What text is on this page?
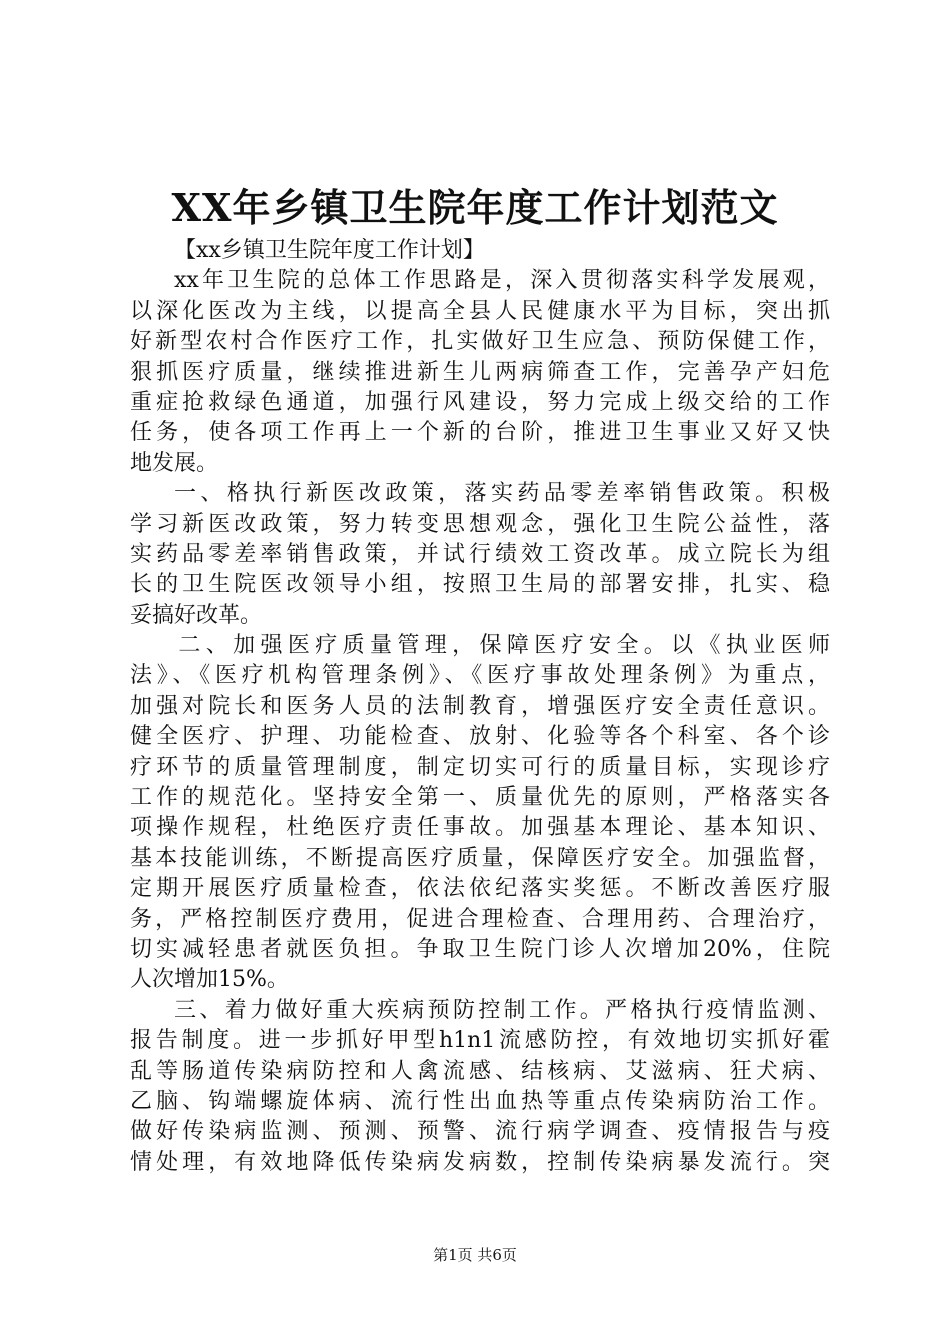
XX年乡镇卫生院年度工作计划范文
【xx乡镇卫生院年度工作计划】
xx年卫生院的总体工作思路是，深入贯彻落实科学发展观，
以深化医改为主线，以提高全县人民健康水平为目标，突出抓
好新型农村合作医疗工作，扎实做好卫生应急、预防保健工作，
狠抓医疗质量，继续推进新生儿两病筛查工作，完善孕产妇危
重症抢救绿色通道，加强行风建设，努力完成上级交给的工作
任务，使各项工作再上一个新的台阶，推进卫生事业又好又快
地发展。
一、格执行新医改政策，落实药品零差率销售政策。积极
学习新医改政策，努力转变思想观念，强化卫生院公益性，落
实药品零差率销售政策，并试行绩效工资改革。成立院长为组
长的卫生院医改领导小组，按照卫生局的部署安排，扎实、稳
妥搞好改革。
二、加强医疗质量管理，保障医疗安全。以《执业医师
法》、《医疗机构管理条例》、《医疗事故处理条例》为重点，
加强对院长和医务人员的法制教育，增强医疗安全责任意识。
健全医疗、护理、功能检查、放射、化验等各个科室、各个诊
疗环节的质量管理制度，制定切实可行的质量目标，实现诊疗
工作的规范化。坚持安全第一、质量优先的原则，严格落实各
项操作规程，杜绝医疗责任事故。加强基本理论、基本知识、
基本技能训练，不断提高医疗质量，保障医疗安全。加强监督，
定期开展医疗质量检查，依法依纪落实奖惩。不断改善医疗服
务，严格控制医疗费用，促进合理检查、合理用药、合理治疗，
切实减轻患者就医负担。争取卫生院门诊人次增加20%，住院
人次增加15%。
三、着力做好重大疾病预防控制工作。严格执行疫情监测、
报告制度。进一步抓好甲型h1n1流感防控，有效地切实抓好霍
乱等肠道传染病防控和人禽流感、结核病、艾滋病、狂犬病、
乙脑、钩端螺旋体病、流行性出血热等重点传染病防治工作。
做好传染病监测、预测、预警、流行病学调查、疫情报告与疫
情处理，有效地降低传染病发病数，控制传染病暴发流行。突
第1页 共6页
